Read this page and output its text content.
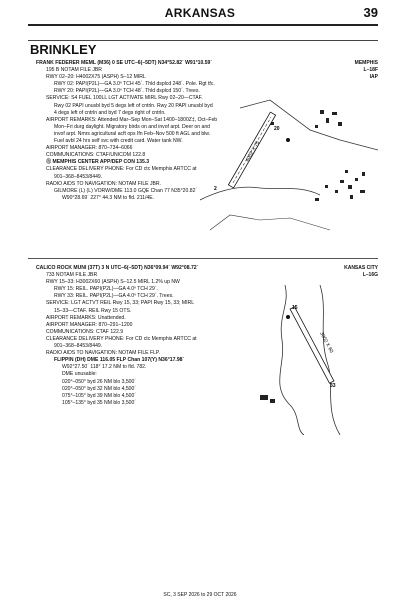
ARKANSAS	39
BRINKLEY
FRANK FEDERER MEML (M36) 0 SE UTC–6(–5DT) N34°52.82´ W91°10.59´
195 B NOTAM FILE JBR
RWY 02–20: H4002X75 (ASPH) S–12 MIRL
RWY 02: PAPI(P2L)—GA 3.0º TCH 45´. Thld dsplcd 248´. Pole. Rgt tfc.
RWY 20: PAPI(P2L)—GA 3.0º TCH 48´. Thld dsplcd 150´. Trees.
SERVICE: S4 FUEL 100LL LGT ACTIVATE MIRL Rwy 02–20—CTAF.
Rwy 02 PAPI unusbl byd 5 degs left of cntrln. Rwy 20 PAPI unusbl byd
4 degs left of cntrln and byd 7 degs right of cntrln.
AIRPORT REMARKS: Attended Mar–Sep Mon–Sat 1400–1800Z‡, Oct–Feb
Mon–Fri durg daylight. Migratory birds on and invof arpt. Deer on and
invof arpt. Nmrs agricultural acft ops Ifn Feb–Nov 500 ft AGL and blw.
Fuel avbl 24 hrs self svc with credit card. Water tank NW.
AIRPORT MANAGER: 870–734–6066
COMMUNICATIONS: CTAF/UNICOM 122.8
Ⓡ MEMPHIS CENTER APP/DEP CON 135.3
CLEARANCE DELIVERY PHONE: For CD ctc Memphis ARTCC at
901–368–8453/8449.
RADIO AIDS TO NAVIGATION: NOTAM FILE JBR.
GILMORE (L) (L) VORW/DME 113.0 GQE Chan 77 N35°20.82´
W90°28.69´ 227° 44.3 NM to fld. 211/4E.
MEMPHIS
L–18F
IAP
20
2
4002 X 75
CALICO ROCK MUNI (37T) 3 N UTC–6(–5DT) N36°09.94´ W92°08.72´
733 NOTAM FILE JBR
RWY 15–33: H3002X60 (ASPH) S–12.5 MIRL 1.2% up NW
RWY 15: REIL. PAPI(P2L)—GA 4.0º TCH 29´.
RWY 33: REIL. PAPI(P2L)—GA 4.0º TCH 29´. Trees.
SERVICE: LGT ACTVT REIL Rwy 15, 33; PAPI Rwy 15, 33; MIRL
15–33—CTAF. REIL Rwy 15 OTS.
AIRPORT REMARKS: Unattended.
AIRPORT MANAGER: 870–291–1200
COMMUNICATIONS: CTAF 122.9
CLEARANCE DELIVERY PHONE: For CD ctc Memphis ARTCC at
901–368–8453/8449.
RADIO AIDS TO NAVIGATION: NOTAM FILE FLP.
FLIPPIN (DH) DME 116.05 FLP Chan 107(Y) N36°17.98´
W92°27.50´ 118° 17.2 NM to fld. 782.
DME unusable:
020°–050° byd 26 NM blo 3,500´
020°–050° byd 32 NM blo 4,500´
075°–105° byd 39 NM blo 4,500´
105°–135° byd 35 NM blo 3,500´
KANSAS CITY
L–16G
15
33
3002 X 60
SC, 3 SEP 2026 to 29 OCT 2026
